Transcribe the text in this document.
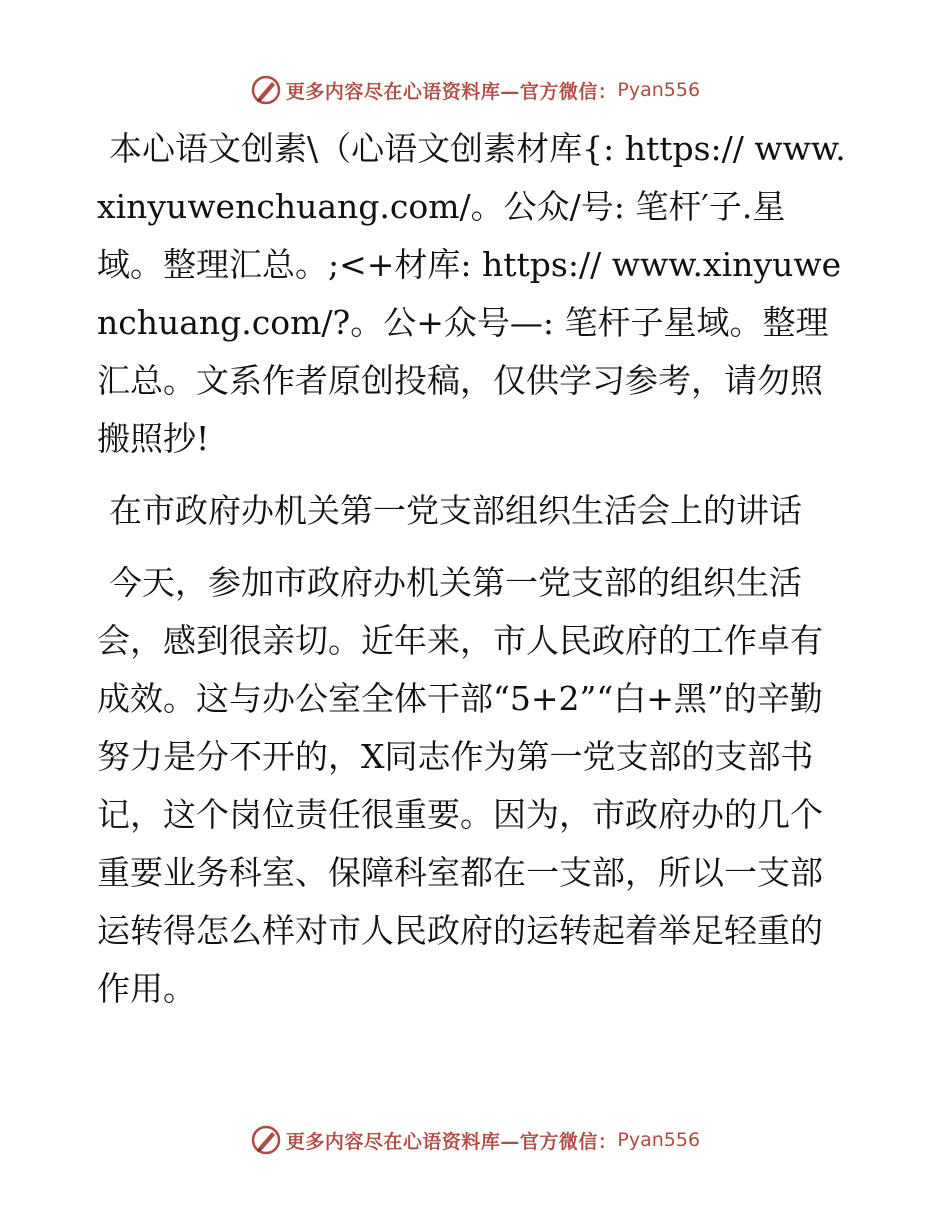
更多内容尽在心语资料库—官方微信： Pyan556

本心语文创素\（心语文创素材库{: https:// www.xinyuwenchuang.com/。公众/号: 笔杆′子.星域。整理汇总。;<+材库: https:// www.xinyuwenchuang.com/?。公+众号—: 笔杆子星域。整理汇总。文系作者原创投稿，仅供学习参考，请勿照搬照抄!

在市政府办机关第一党支部组织生活会上的讲话

今天，参加市政府办机关第一党支部的组织生活会，感到很亲切。近年来，市人民政府的工作卓有成效。这与办公室全体干部“5+2”“白+黑”的辛勤努力是分不开的，X同志作为第一党支部的支部书记，这个岗位责任很重要。因为，市政府办的几个重要业务科室、保障科室都在一支部，所以一支部运转得怎么样对市人民政府的运转起着举足轻重的作用。

更多内容尽在心语资料库—官方微信： Pyan556
